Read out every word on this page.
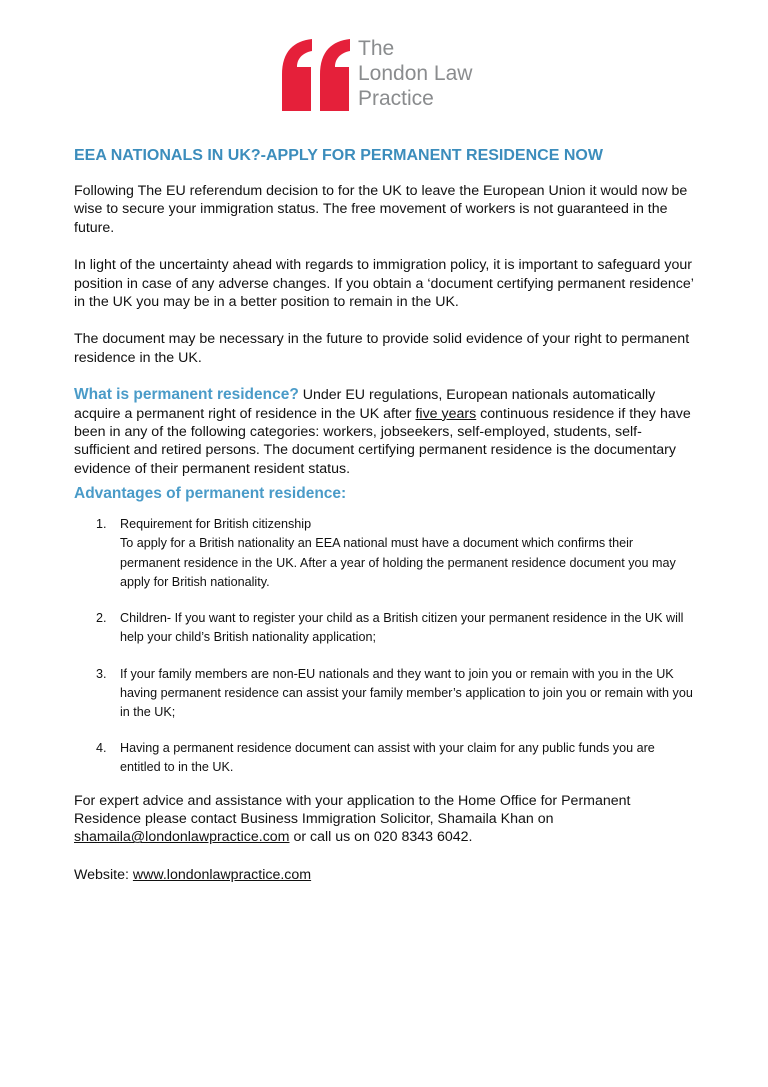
The
London Law
Practice
EEA NATIONALS IN UK?-APPLY FOR PERMANENT RESIDENCE NOW

Following The EU referendum decision to for the UK to leave the European Union it would now be wise to secure your immigration status. The free movement of workers is not guaranteed in the future.

In light of the uncertainty ahead with regards to immigration policy, it is important to safeguard your position in case of any adverse changes. If you obtain a ‘document certifying permanent residence’ in the UK you may be in a better position to remain in the UK.

The document may be necessary in the future to provide solid evidence of your right to permanent residence in the UK.

What is permanent residence? Under EU regulations, European nationals automatically acquire a permanent right of residence in the UK after five years continuous residence if they have been in any of the following categories: workers, jobseekers, self-employed, students, self-sufficient and retired persons. The document certifying permanent residence is the documentary evidence of their permanent resident status.

Advantages of permanent residence:
1. Requirement for British citizenship
To apply for a British nationality an EEA national must have a document which confirms their permanent residence in the UK. After a year of holding the permanent residence document you may apply for British nationality.
2. Children- If you want to register your child as a British citizen your permanent residence in the UK will help your child’s British nationality application;
3. If your family members are non-EU nationals and they want to join you or remain with you in the UK having permanent residence can assist your family member’s application to join you or remain with you in the UK;
4. Having a permanent residence document can assist with your claim for any public funds you are entitled to in the UK.

For expert advice and assistance with your application to the Home Office for Permanent Residence please contact Business Immigration Solicitor, Shamaila Khan on shamaila@londonlawpractice.com or call us on 020 8343 6042.

Website: www.londonlawpractice.com
